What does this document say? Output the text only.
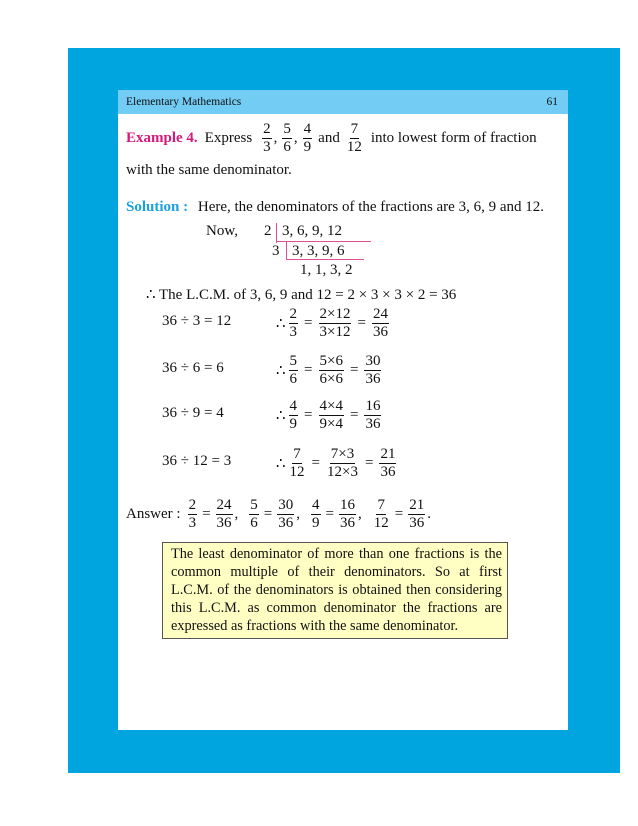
Elementary Mathematics	61
Example 4. Express $\frac{2}{3}$ , $\frac{5}{6}$ , $\frac{4}{9}$ and $\frac{7}{12}$ into lowest form of fraction
with the same denominator.
Solution : Here, the denominators of the fractions are 3, 6, 9 and 12.
Now, 2 3, 6, 9, 12
3 3, 3, 9, 6
1, 1, 3, 2
∴ The L.C.M. of 3, 6, 9 and 12 = 2 × 3 × 3 × 2 = 36
36 ÷ 3 = 12	∴ $\frac{2}{3} = \frac{2\times 12}{3\times 12} = \frac{24}{36}$
36 ÷ 6 = 6	∴ $\frac{5}{6} = \frac{5\times 6}{6\times 6} = \frac{30}{36}$
36 ÷ 9 = 4	∴ $\frac{4}{9} = \frac{4\times 4}{9\times 4} = \frac{16}{36}$
36 ÷ 12 = 3	∴ $\frac{7}{12} = \frac{7\times 3}{12\times 3} = \frac{21}{36}$
Answer : $\frac{2}{3} = \frac{24}{36}$ , $\frac{5}{6} = \frac{30}{36}$ , $\frac{4}{9} = \frac{16}{36}$ , $\frac{7}{12} = \frac{21}{36}$ .
The least denominator of more than one fractions is the common multiple of their denominators. So at first L.C.M. of the denominators is obtained then considering this L.C.M. as common denominator the fractions are expressed as fractions with the same denominator.
